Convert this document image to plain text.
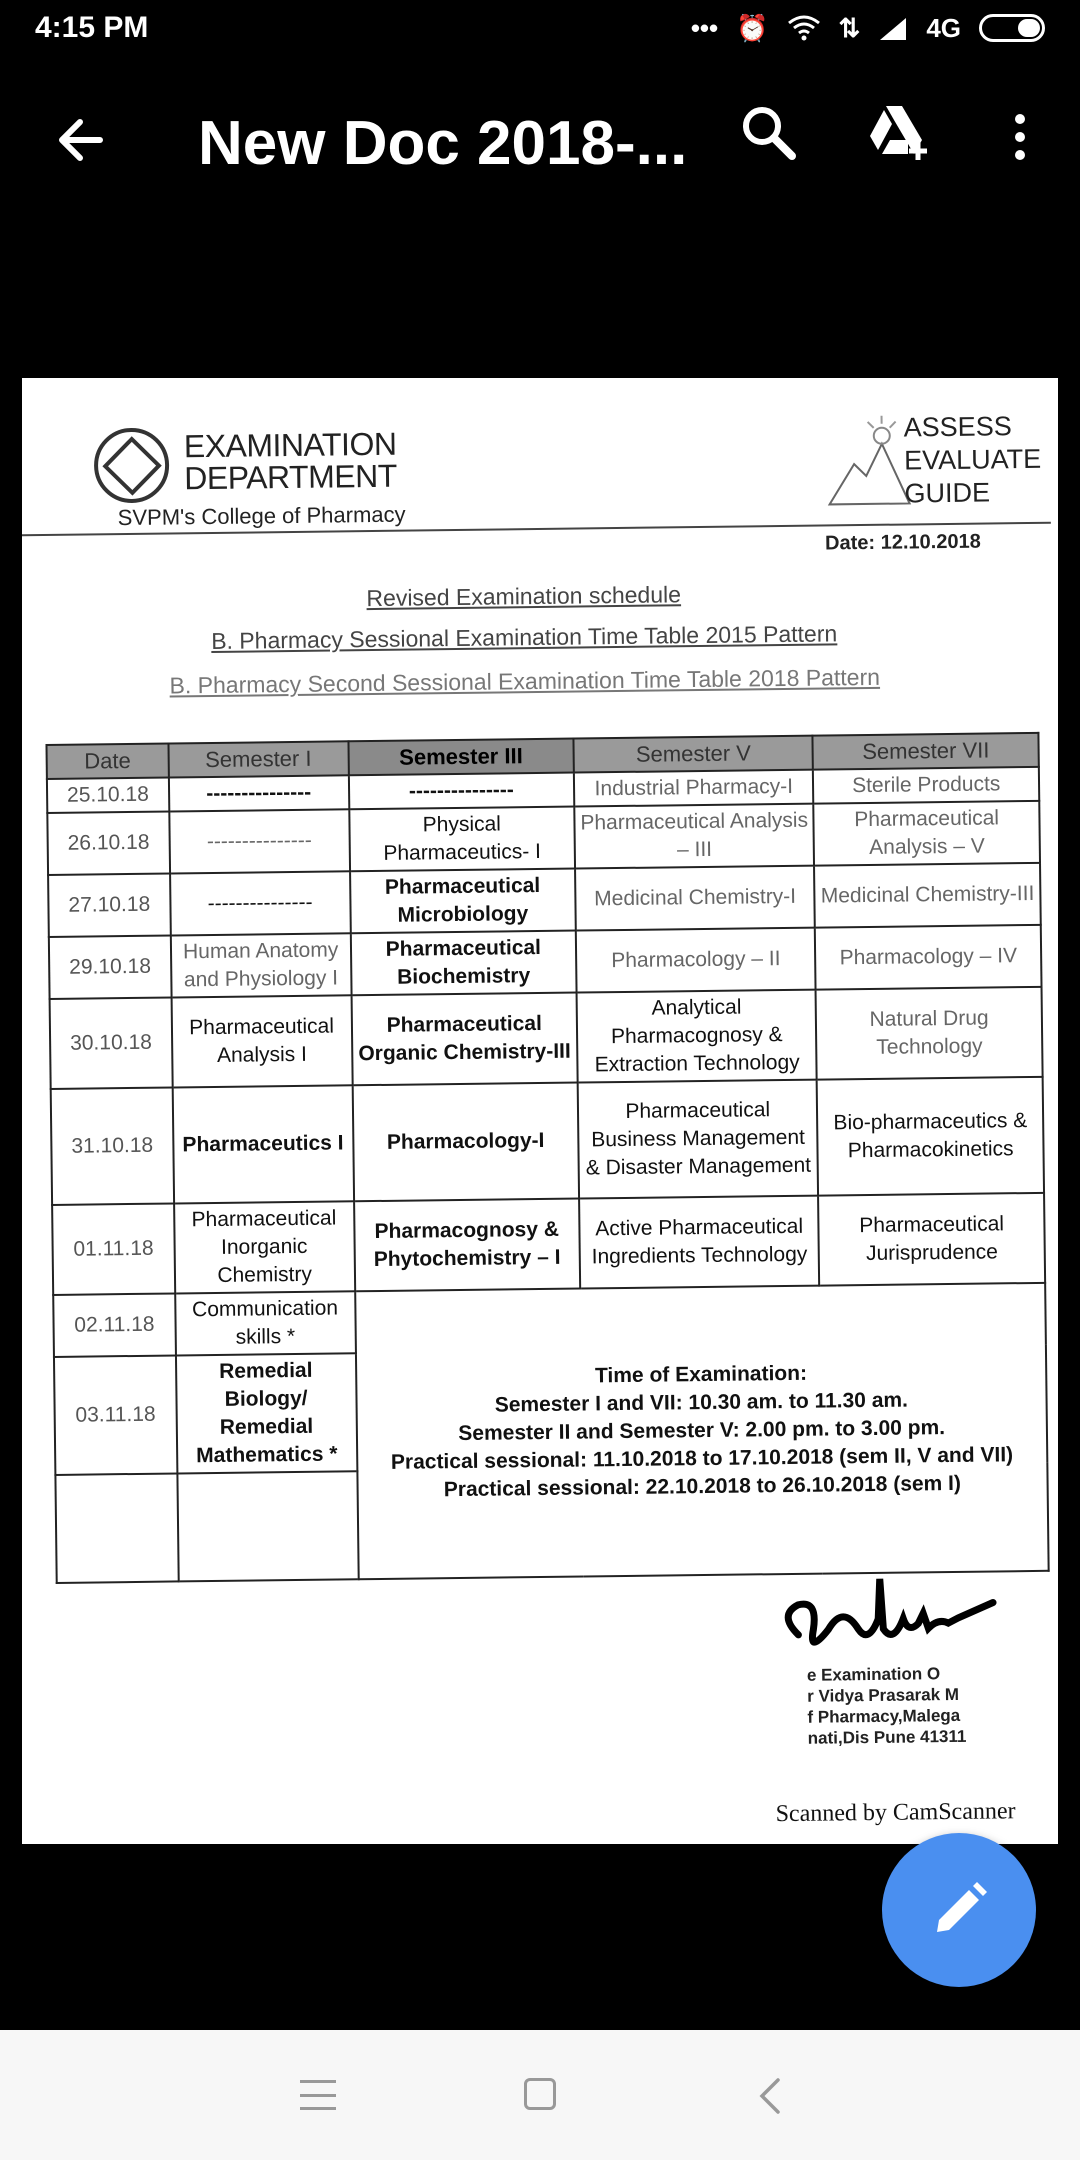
4:15 PM	••• ⏰	⇅	4G
New Doc 2018-...
EXAMINATION
DEPARTMENT
SVPM's College of Pharmacy
ASSESS
EVALUATE
GUIDE
Date: 12.10.2018
Revised Examination schedule
B. Pharmacy Sessional Examination Time Table 2015 Pattern
B. Pharmacy Second Sessional Examination Time Table 2018 Pattern
Date	Semester I	Semester III	Semester V	Semester VII
25.10.18	---------------	---------------	Industrial Pharmacy-I	Sterile Products
26.10.18	---------------	Physical Pharmaceutics- I	Pharmaceutical Analysis – III	Pharmaceutical Analysis – V
27.10.18	---------------	Pharmaceutical Microbiology	Medicinal Chemistry-I	Medicinal Chemistry-III
29.10.18	Human Anatomy and Physiology I	Pharmaceutical Biochemistry	Pharmacology – II	Pharmacology – IV
30.10.18	Pharmaceutical Analysis I	Pharmaceutical Organic Chemistry-III	Analytical Pharmacognosy & Extraction Technology	Natural Drug Technology
31.10.18	Pharmaceutics I	Pharmacology-I	Pharmaceutical Business Management & Disaster Management	Bio-pharmaceutics & Pharmacokinetics
01.11.18	Pharmaceutical Inorganic Chemistry	Pharmacognosy & Phytochemistry – I	Active Pharmaceutical Ingredients Technology	Pharmaceutical Jurisprudence
02.11.18	Communication skills *	Time of Examination:
Semester I and VII: 10.30 am. to 11.30 am.
Semester II and Semester V: 2.00 pm. to 3.00 pm.
Practical sessional: 11.10.2018 to 17.10.2018 (sem II, V and VII)
Practical sessional: 22.10.2018 to 26.10.2018 (sem I)		

03.11.18	Remedial Biology/ Remedial Mathematics *			

e Examination O
r Vidya Prasarak M
f Pharmacy,Malega
nati,Dis Pune 41311
Scanned by CamScanner
